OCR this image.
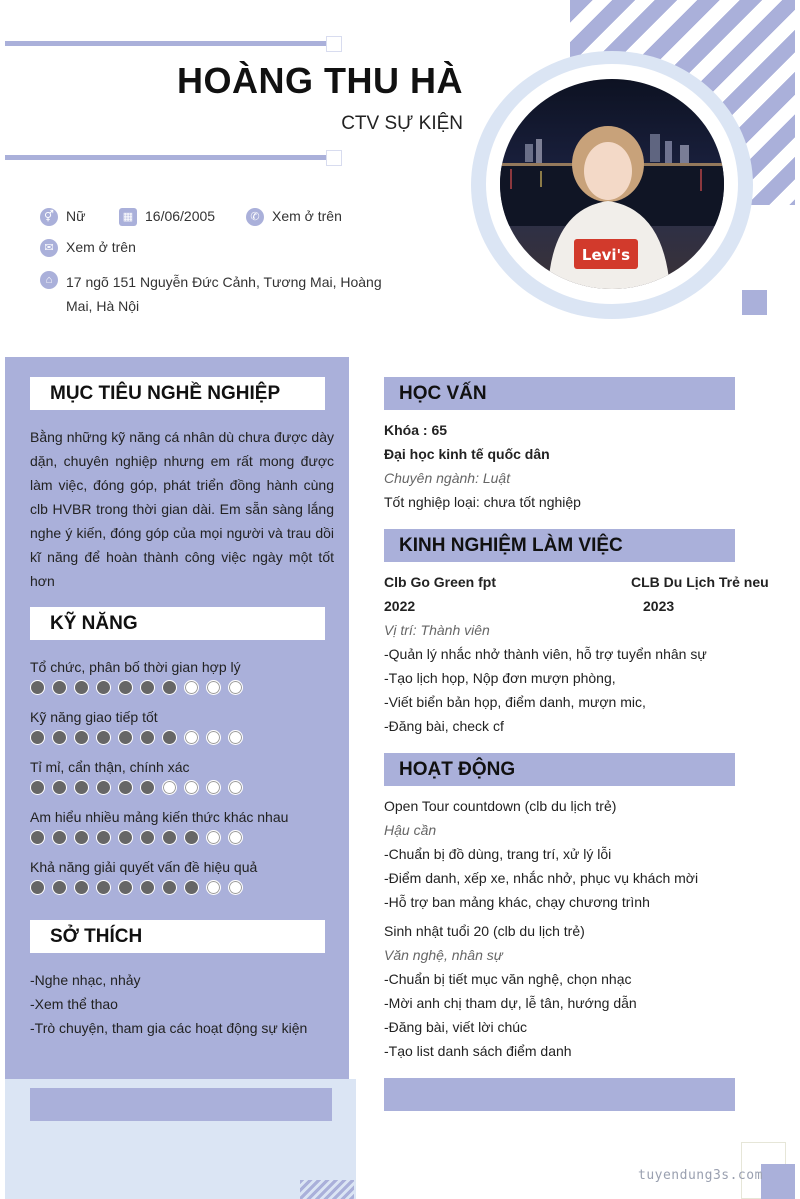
Levi's
HOÀNG THU HÀ
CTV SỰ KIỆN
⚥ Nữ	▦ 16/06/2005	✆ Xem ở trên
✉ Xem ở trên
⌂ 17 ngõ 151 Nguyễn Đức Cảnh, Tương Mai, Hoàng
Mai, Hà Nội
MỤC TIÊU NGHỀ NGHIỆP
Bằng những kỹ năng cá nhân dù chưa được dày dặn, chuyên nghiệp nhưng em rất mong được làm việc, đóng góp, phát triển đồng hành cùng clb HVBR trong thời gian dài. Em sẵn sàng lắng nghe ý kiến, đóng góp của mọi người và trau dồi kĩ năng để hoàn thành công việc ngày một tốt hơn
KỸ NĂNG
Tổ chức, phân bố thời gian hợp lý
Kỹ năng giao tiếp tốt
Tỉ mỉ, cẩn thận, chính xác
Am hiểu nhiều mảng kiến thức khác nhau
Khả năng giải quyết vấn đề hiệu quả
SỞ THÍCH
-Nghe nhạc, nhảy
-Xem thể thao
-Trò chuyện, tham gia các hoạt động sự kiện
HỌC VẤN
Khóa : 65
Đại học kinh tế quốc dân
Chuyên ngành: Luật
Tốt nghiệp loại: chưa tốt nghiệp
KINH NGHIỆM LÀM VIỆC
Clb Go Green fpt
2022
CLB Du Lịch Trẻ neu
2023
Vị trí: Thành viên
-Quản lý nhắc nhở thành viên, hỗ trợ tuyển nhân sự
-Tạo lịch họp, Nộp đơn mượn phòng,
-Viết biển bản họp, điểm danh, mượn mic,
-Đăng bài, check cf
HOẠT ĐỘNG
Open Tour countdown (clb du lịch trẻ)
Hậu cần
-Chuẩn bị đồ dùng, trang trí, xử lý lỗi
-Điểm danh, xếp xe, nhắc nhở, phục vụ khách mời
-Hỗ trợ ban mảng khác, chạy chương trình
Sinh nhật tuổi 20 (clb du lịch trẻ)
Văn nghệ, nhân sự
-Chuẩn bị tiết mục văn nghệ, chọn nhạc
-Mời anh chị tham dự, lễ tân, hướng dẫn
-Đăng bài, viết lời chúc
-Tạo list danh sách điểm danh
tuyendung3s.com
